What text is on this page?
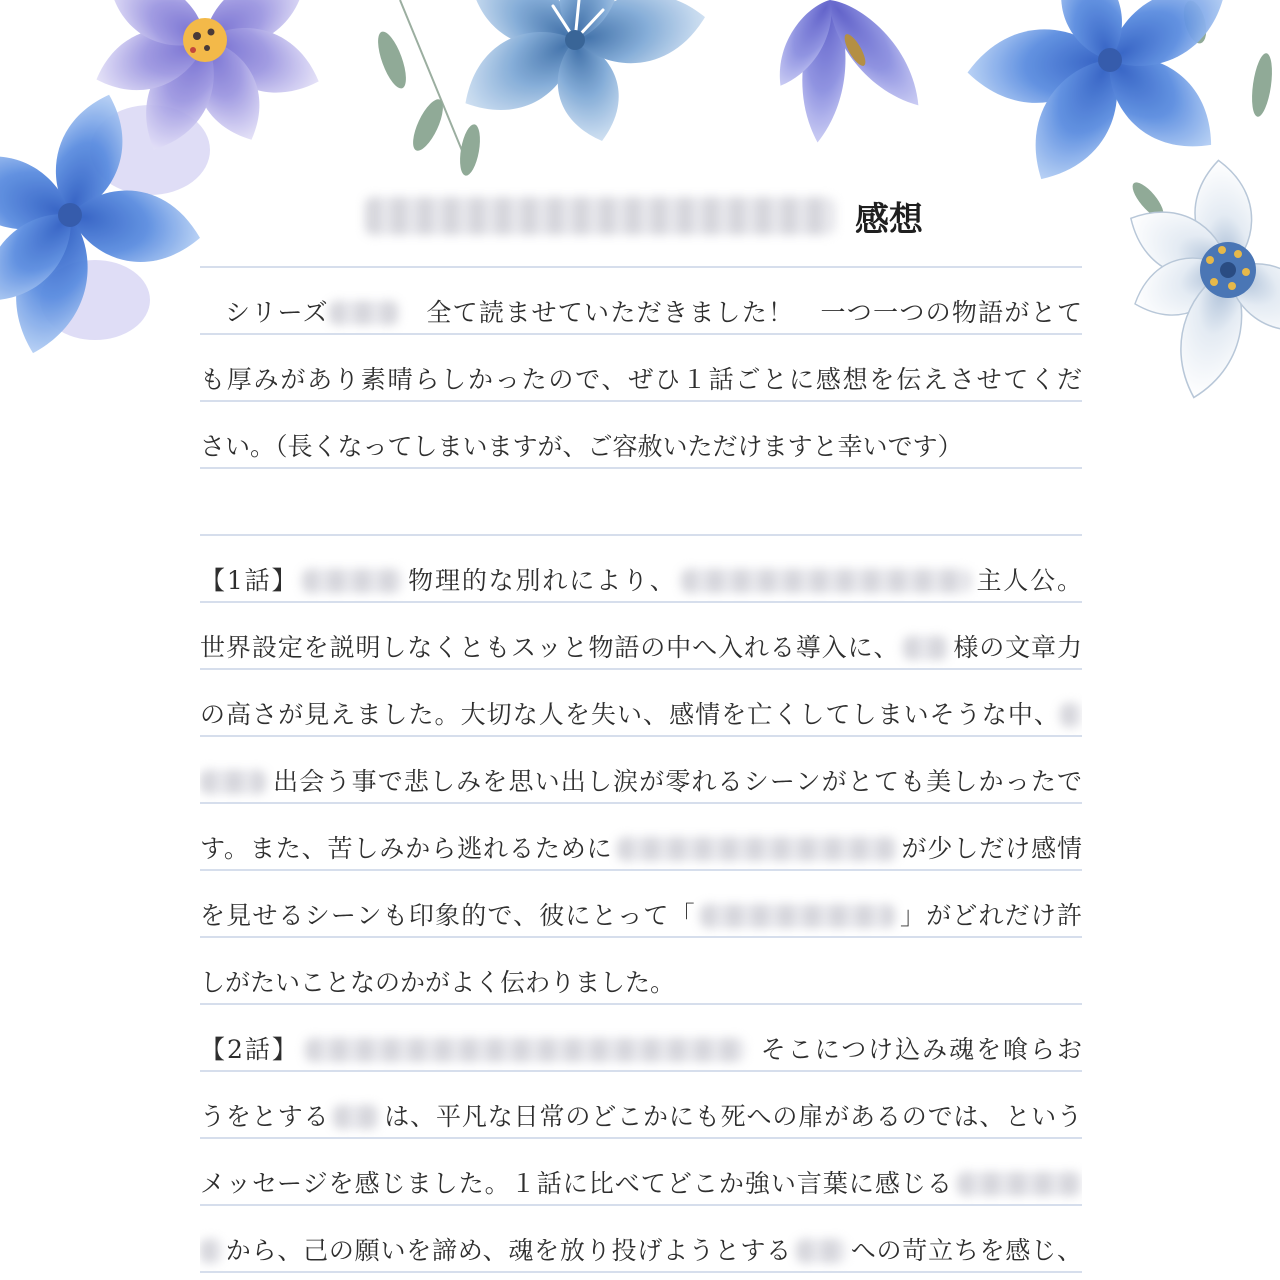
感想
シリーズ	　全て読ませていただきました！　一つ一つの物語がとて
も厚みがあり素晴らしかったので、ぜひ１話ごとに感想を伝えさせてくだ
さい。（長くなってしまいますが、ご容赦いただけますと幸いです）
【1話】	物理的な別れにより、	主人公。
世界設定を説明しなくともスッと物語の中へ入れる導入に、 様の文章力
の高さが見えました。大切な人を失い、感情を亡くしてしまいそうな中、
出会う事で悲しみを思い出し涙が零れるシーンがとても美しかったで
す。また、苦しみから逃れるために	が少しだけ感情
を見せるシーンも印象的で、彼にとって「	」がどれだけ許
しがたいことなのかがよく伝わりました。
【2話】	そこにつけ込み魂を喰らお
うをとする は、平凡な日常のどこかにも死への扉があるのでは、という
メッセージを感じました。１話に比べてどこか強い言葉に感じる
から、己の願いを諦め、魂を放り投げようとする への苛立ちを感じ、
